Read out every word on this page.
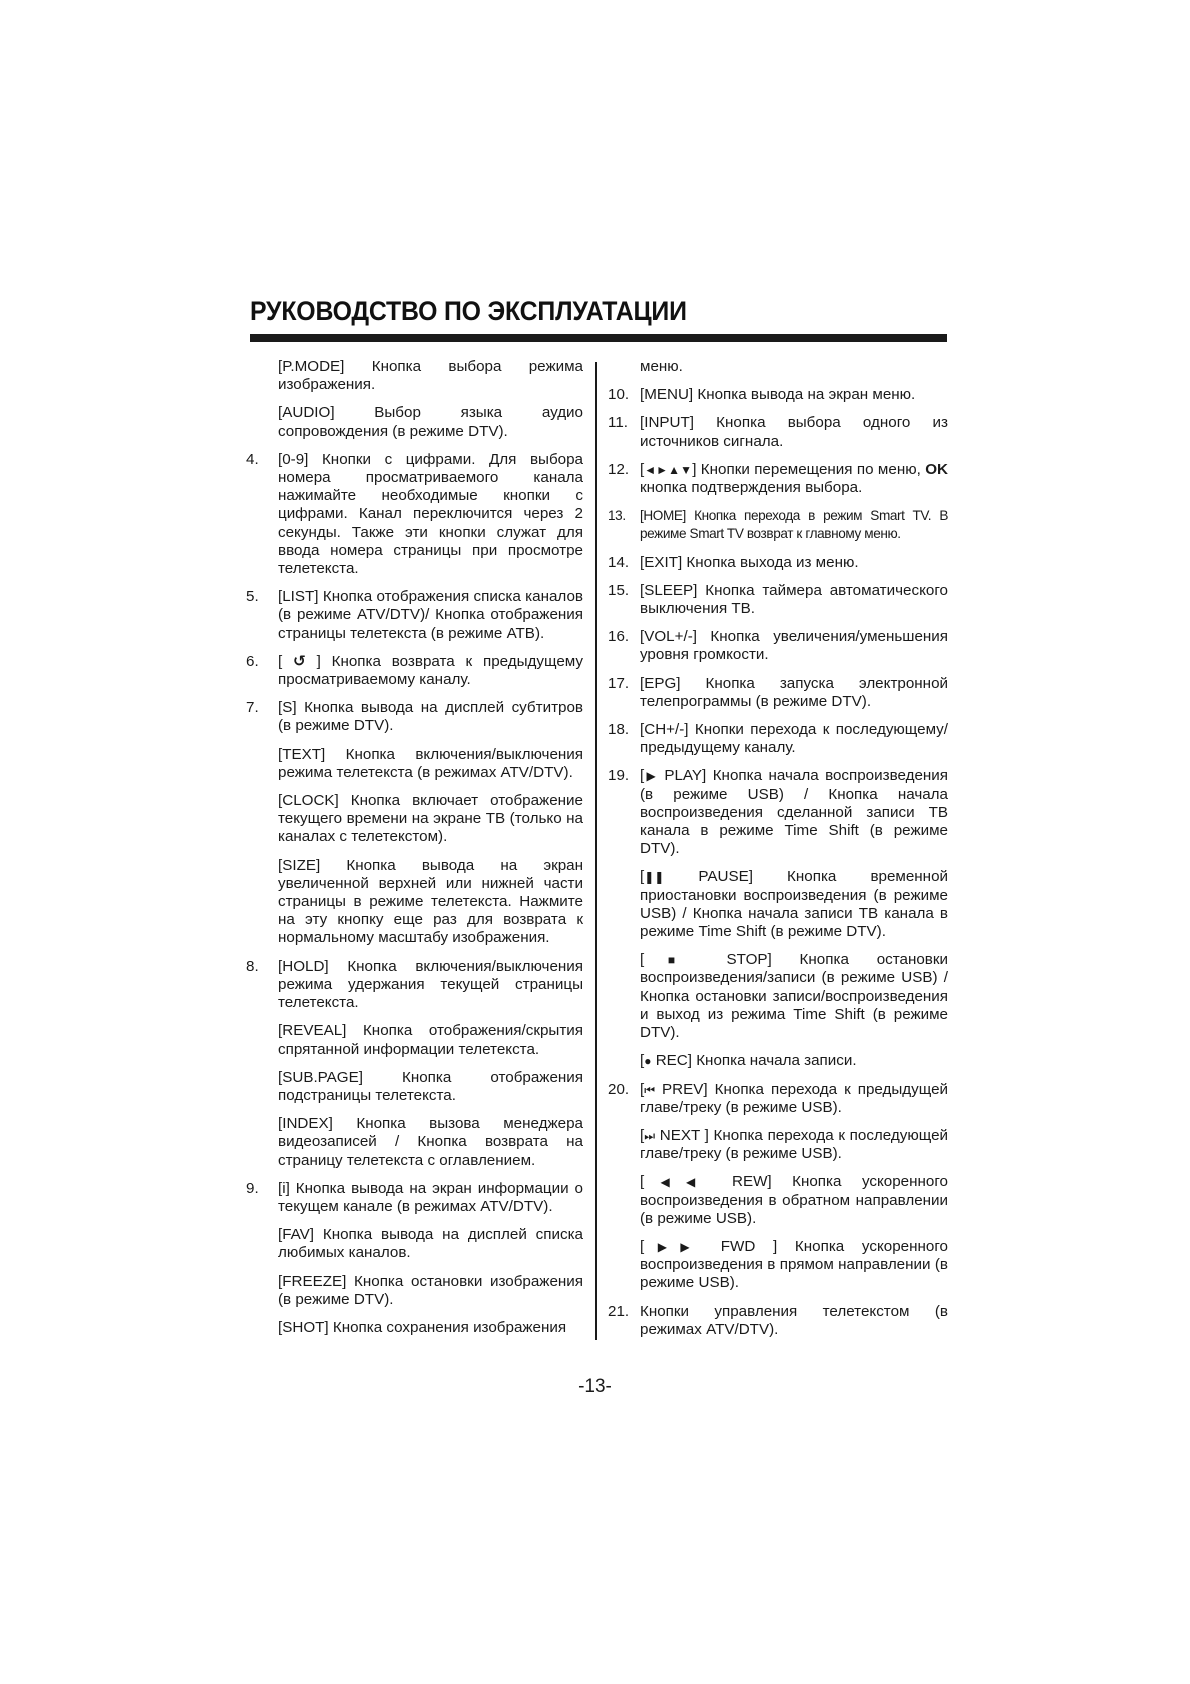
РУКОВОДСТВО ПО ЭКСПЛУАТАЦИИ
[P.MODE] Кнопка выбора режима изображения.
[AUDIO] Выбор языка аудио сопровождения (в режиме DTV).
4.	[0-9] Кнопки с цифрами. Для выбора номера просматриваемого канала нажимайте необходимые кнопки с цифрами. Канал переключится через 2 секунды. Также эти кнопки служат для ввода номера страницы при просмотре телетекста.
5.	[LIST] Кнопка отображения списка каналов (в режиме ATV/DTV)/ Кнопка отображения страницы телетекста (в режиме АТВ).
6.	[ ↺ ] Кнопка возврата к предыдущему просматриваемому каналу.
7.	[S] Кнопка вывода на дисплей субтитров (в режиме DTV).
[TEXT] Кнопка включения/выключения режима телетекста (в режимах ATV/DTV).
[CLOCK] Кнопка включает отображение текущего времени на экране ТВ (только на каналах с телетекстом).
[SIZE] Кнопка вывода на экран увеличенной верхней или нижней части страницы в режиме телетекста. Нажмите на эту кнопку еще раз для возврата к нормальному масштабу изображения.
8.	[HOLD] Кнопка включения/выключения режима удержания текущей страницы телетекста.
[REVEAL] Кнопка отображения/скрытия спрятанной информации телетекста.
[SUB.PAGE] Кнопка отображения подстраницы телетекста.
[INDEX] Кнопка вызова менеджера видеозаписей / Кнопка возврата на страницу телетекста с оглавлением.
9.	[i] Кнопка вывода на экран информации о текущем канале (в режимах ATV/DTV).
[FAV] Кнопка вывода на дисплей списка любимых каналов.
[FREEZE] Кнопка остановки изображения (в режиме DTV).
[SHOT] Кнопка сохранения изображения
меню.
10. [MENU] Кнопка вывода на экран меню.
11. [INPUT] Кнопка выбора одного из источников сигнала.
12. [◄►▲▼] Кнопки перемещения по меню, OK кнопка подтверждения выбора.
13.	[HOME] Кнопка перехода в режим Smart TV. В режиме Smart TV возврат к главному меню.
14. [EXIT] Кнопка выхода из меню.
15. [SLEEP] Кнопка таймера автоматического выключения ТВ.
16. [VOL+/-] Кнопка увеличения/уменьшения уровня громкости.
17. [EPG] Кнопка запуска электронной телепрограммы (в режиме DTV).
18. [CH+/-] Кнопки перехода к последующему/предыдущему каналу.
19. [▶ PLAY] Кнопка начала воспроизведения (в режиме USB) / Кнопка начала воспроизведения сделанной записи ТВ канала в режиме Time Shift (в режиме DTV).
[❚❚ PAUSE] Кнопка временной приостановки воспроизведения (в режиме USB) / Кнопка начала записи ТВ канала в режиме Time Shift (в режиме DTV).
[■ STOP] Кнопка остановки воспроизведения/записи (в режиме USB) / Кнопка остановки записи/воспроизведения и выход из режима Time Shift (в режиме DTV).
[● REC] Кнопка начала записи.
20. [⏮ PREV] Кнопка перехода к предыдущей главе/треку (в режиме USB).
[⏭ NEXT ] Кнопка перехода к последующей главе/треку (в режиме USB).
[◀◀ REW] Кнопка ускоренного воспроизведения в обратном направлении (в режиме USB).
[▶▶ FWD ] Кнопка ускоренного воспроизведения в прямом направлении (в режиме USB).
21. Кнопки управления телетекстом (в режимах ATV/DTV).
-13-
